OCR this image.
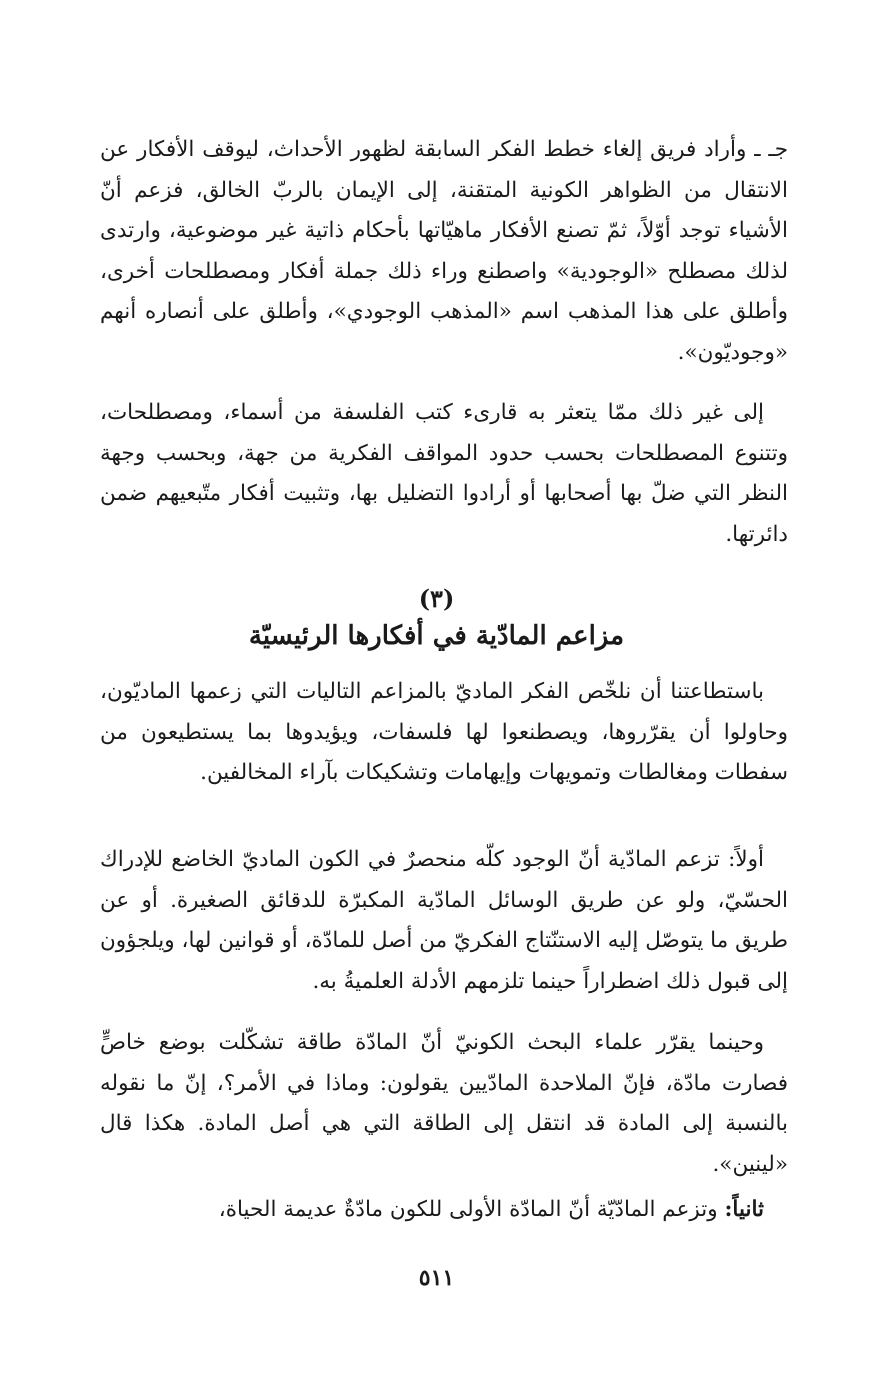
جـ ـ وأراد فريق إلغاء خطط الفكر السابقة لظهور الأحداث، ليوقف الأفكار عن الانتقال من الظواهر الكونية المتقنة، إلى الإيمان بالربّ الخالق، فزعم أنّ الأشياء توجد أوّلاً، ثمّ تصنع الأفكار ماهيّاتها بأحكام ذاتية غير موضوعية، وارتدى لذلك مصطلح «الوجودية» واصطنع وراء ذلك جملة أفكار ومصطلحات أخرى، وأطلق على هذا المذهب اسم «المذهب الوجودي»، وأطلق على أنصاره أنهم «وجوديّون».

إلى غير ذلك ممّا يتعثر به قارىء كتب الفلسفة من أسماء، ومصطلحات، وتتنوع المصطلحات بحسب حدود المواقف الفكرية من جهة، وبحسب وجهة النظر التي ضلّ بها أصحابها أو أرادوا التضليل بها، وتثبيت أفكار متّبعيهم ضمن دائرتها.

(٣)
مزاعم المادّية في أفكارها الرئيسيّة

باستطاعتنا أن نلخّص الفكر الماديّ بالمزاعم التاليات التي زعمها الماديّون، وحاولوا أن يقرّروها، ويصطنعوا لها فلسفات، ويؤيدوها بما يستطيعون من سفطات ومغالطات وتمويهات وإيهامات وتشكيكات بآراء المخالفين.

أولاً: تزعم المادّية أنّ الوجود كلّه منحصرٌ في الكون الماديّ الخاضع للإدراك الحسّيّ، ولو عن طريق الوسائل المادّية المكبرّة للدقائق الصغيرة. أو عن طريق ما يتوصّل إليه الاستنّتاج الفكريّ من أصل للمادّة، أو قوانين لها، ويلجؤون إلى قبول ذلك اضطراراً حينما تلزمهم الأدلة العلميةُ به.

وحينما يقرّر علماء البحث الكونيّ أنّ المادّة طاقة تشكّلت بوضع خاصٍّ فصارت مادّة، فإنّ الملاحدة المادّيين يقولون: وماذا في الأمر؟، إنّ ما نقوله بالنسبة إلى المادة قد انتقل إلى الطاقة التي هي أصل المادة. هكذا قال «لينين».

ثانياً: وتزعم المادّيّة أنّ المادّة الأولى للكون مادّةٌ عديمة الحياة،

٥١١
